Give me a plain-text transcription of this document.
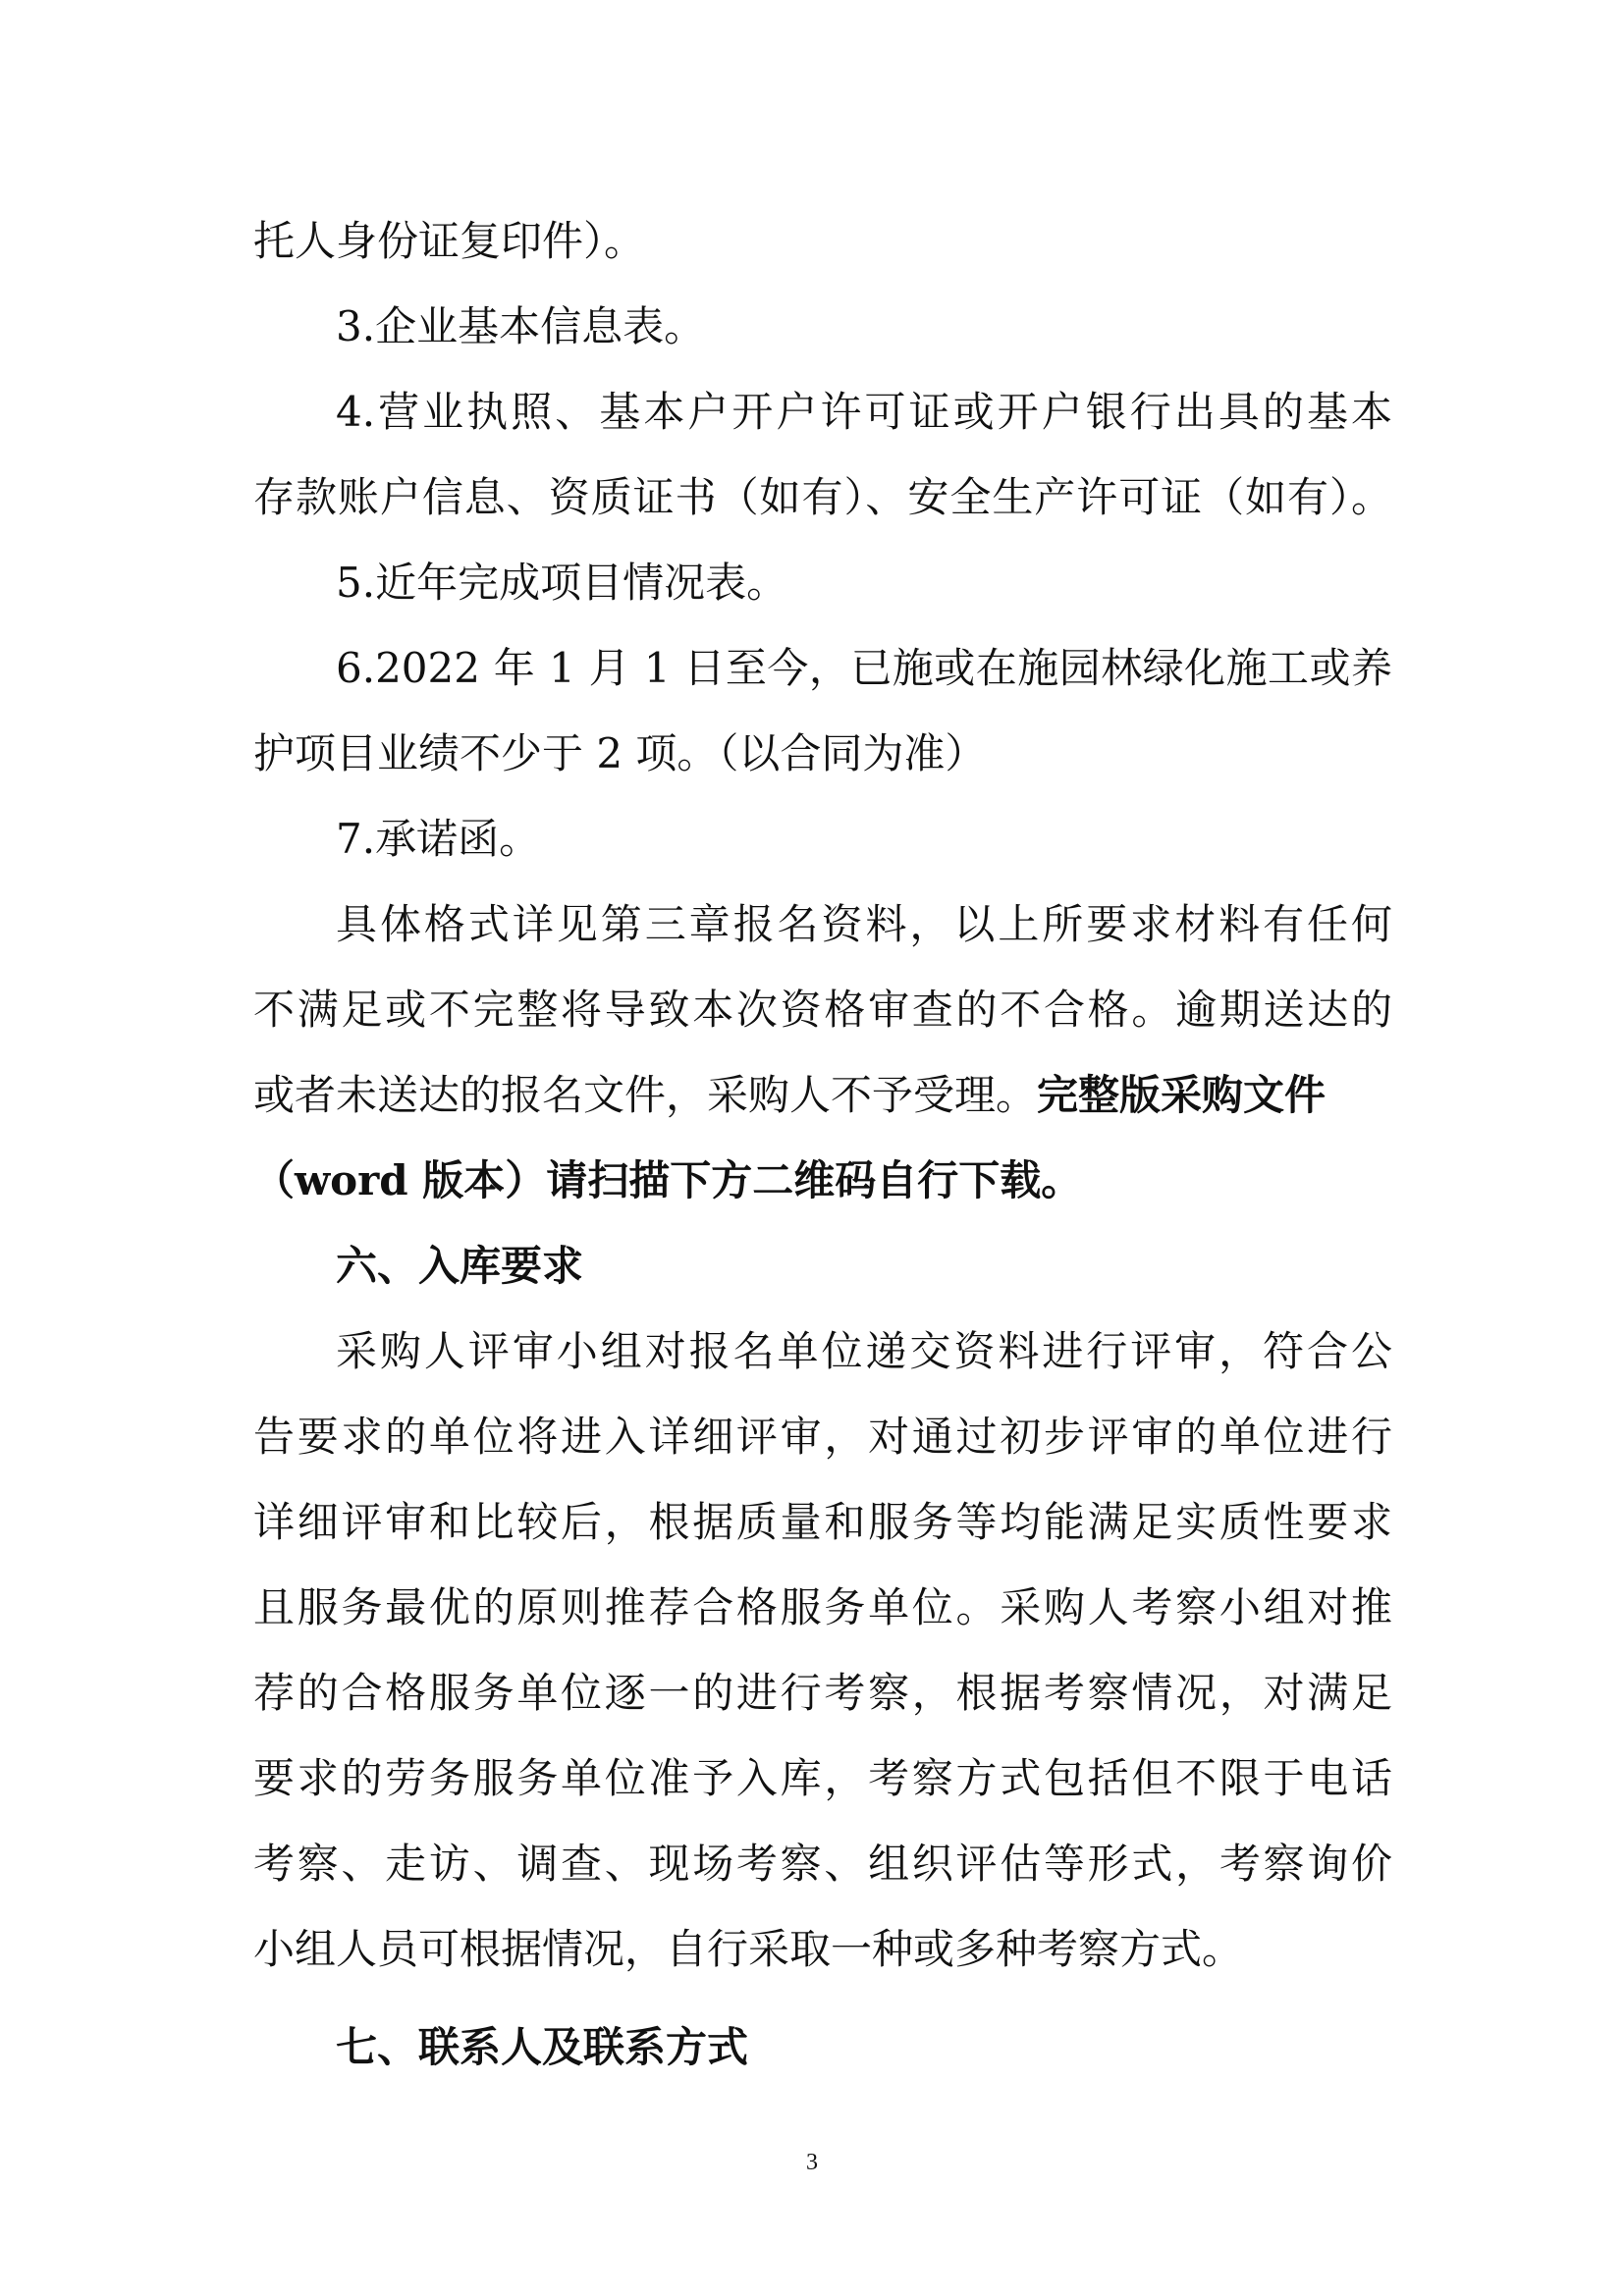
托人身份证复印件）。
3.企业基本信息表。
4.营业执照、基本户开户许可证或开户银行出具的基本
存款账户信息、资质证书（如有）、安全生产许可证（如有）。
5.近年完成项目情况表。
6.2022 年 1 月 1 日至今，已施或在施园林绿化施工或养
护项目业绩不少于 2 项。（以合同为准）
7.承诺函。
具体格式详见第三章报名资料，以上所要求材料有任何
不满足或不完整将导致本次资格审查的不合格。逾期送达的
或者未送达的报名文件，采购人不予受理。完整版采购文件
（word 版本）请扫描下方二维码自行下载。
六、入库要求
采购人评审小组对报名单位递交资料进行评审，符合公
告要求的单位将进入详细评审，对通过初步评审的单位进行
详细评审和比较后，根据质量和服务等均能满足实质性要求
且服务最优的原则推荐合格服务单位。采购人考察小组对推
荐的合格服务单位逐一的进行考察，根据考察情况，对满足
要求的劳务服务单位准予入库，考察方式包括但不限于电话
考察、走访、调查、现场考察、组织评估等形式，考察询价
小组人员可根据情况，自行采取一种或多种考察方式。
七、联系人及联系方式
3
